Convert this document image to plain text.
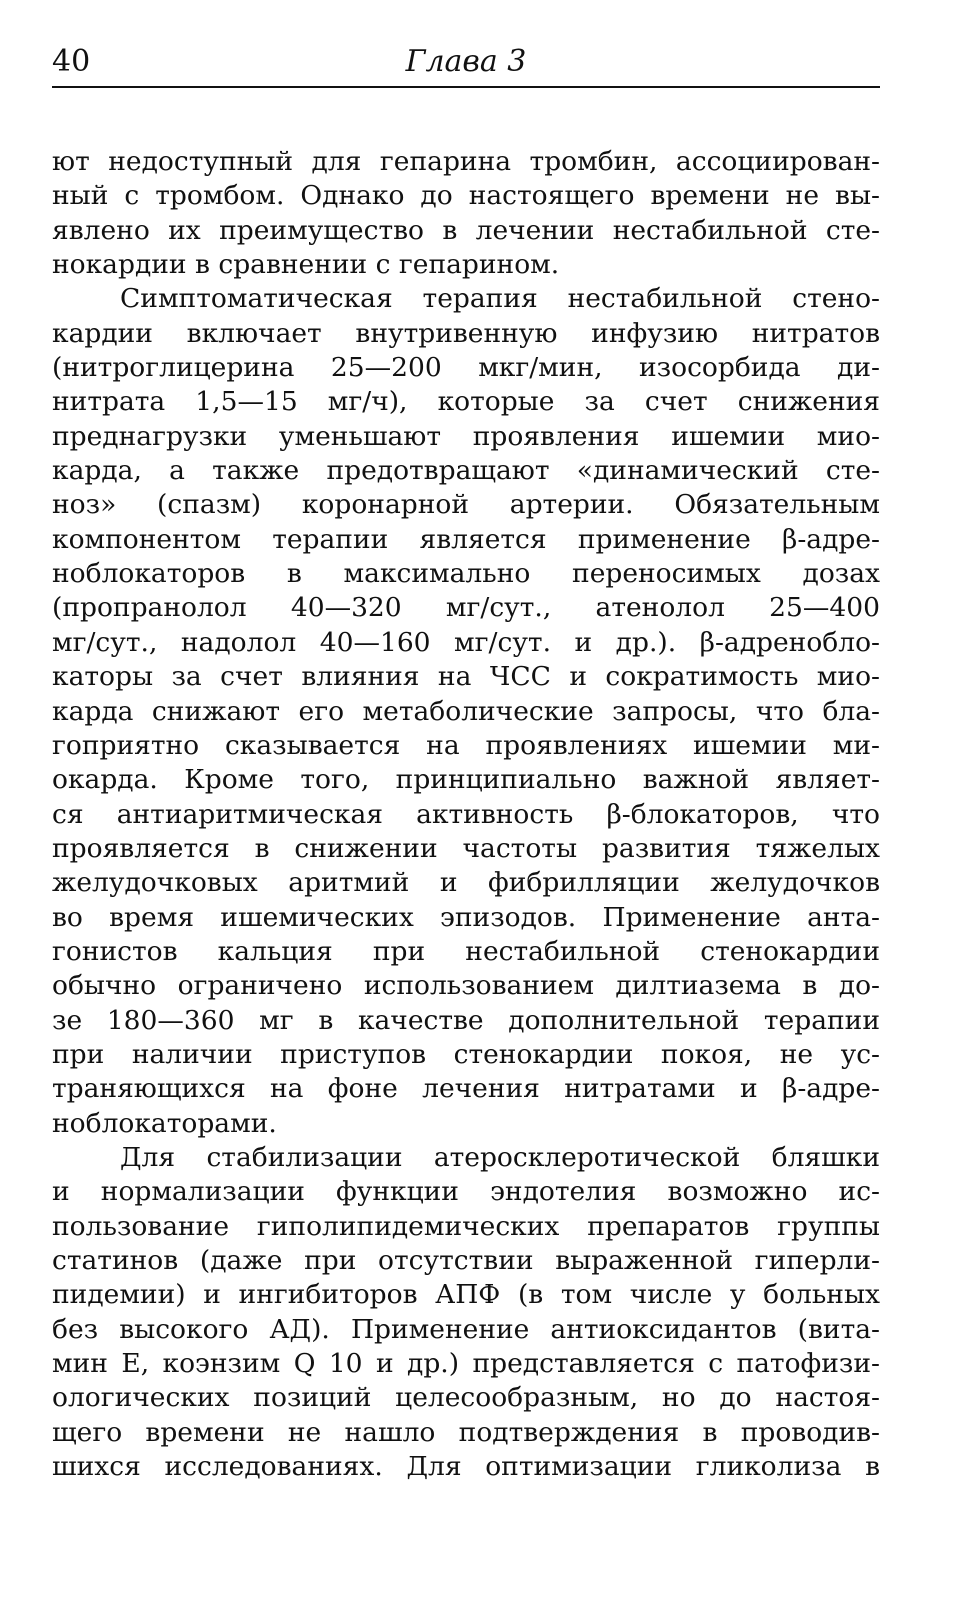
40	Глава 3
ют недоступный для гепарина тромбин, ассоциирован-
ный с тромбом. Однако до настоящего времени не вы-
явлено их преимущество в лечении нестабильной сте-
нокардии в сравнении с гепарином.
Симптоматическая терапия нестабильной стено-
кардии включает внутривенную инфузию нитратов
(нитроглицерина 25—200 мкг/мин, изосорбида ди-
нитрата 1,5—15 мг/ч), которые за счет снижения
преднагрузки уменьшают проявления ишемии мио-
карда, а также предотвращают «динамический сте-
ноз» (спазм) коронарной артерии. Обязательным
компонентом терапии является применение β-адре-
ноблокаторов в максимально переносимых дозах
(пропранолол 40—320 мг/сут., атенолол 25—400
мг/сут., надолол 40—160 мг/сут. и др.). β-адренобло-
каторы за счет влияния на ЧСС и сократимость мио-
карда снижают его метаболические запросы, что бла-
гоприятно сказывается на проявлениях ишемии ми-
окарда. Кроме того, принципиально важной являет-
ся антиаритмическая активность β-блокаторов, что
проявляется в снижении частоты развития тяжелых
желудочковых аритмий и фибрилляции желудочков
во время ишемических эпизодов. Применение анта-
гонистов кальция при нестабильной стенокардии
обычно ограничено использованием дилтиазема в до-
зе 180—360 мг в качестве дополнительной терапии
при наличии приступов стенокардии покоя, не ус-
траняющихся на фоне лечения нитратами и β-адре-
ноблокаторами.
Для стабилизации атеросклеротической бляшки
и нормализации функции эндотелия возможно ис-
пользование гиполипидемических препаратов группы
статинов (даже при отсутствии выраженной гиперли-
пидемии) и ингибиторов АПФ (в том числе у больных
без высокого АД). Применение антиоксидантов (вита-
мин Е, коэнзим Q 10 и др.) представляется с патофизи-
ологических позиций целесообразным, но до настоя-
щего времени не нашло подтверждения в проводив-
шихся исследованиях. Для оптимизации гликолиза в
